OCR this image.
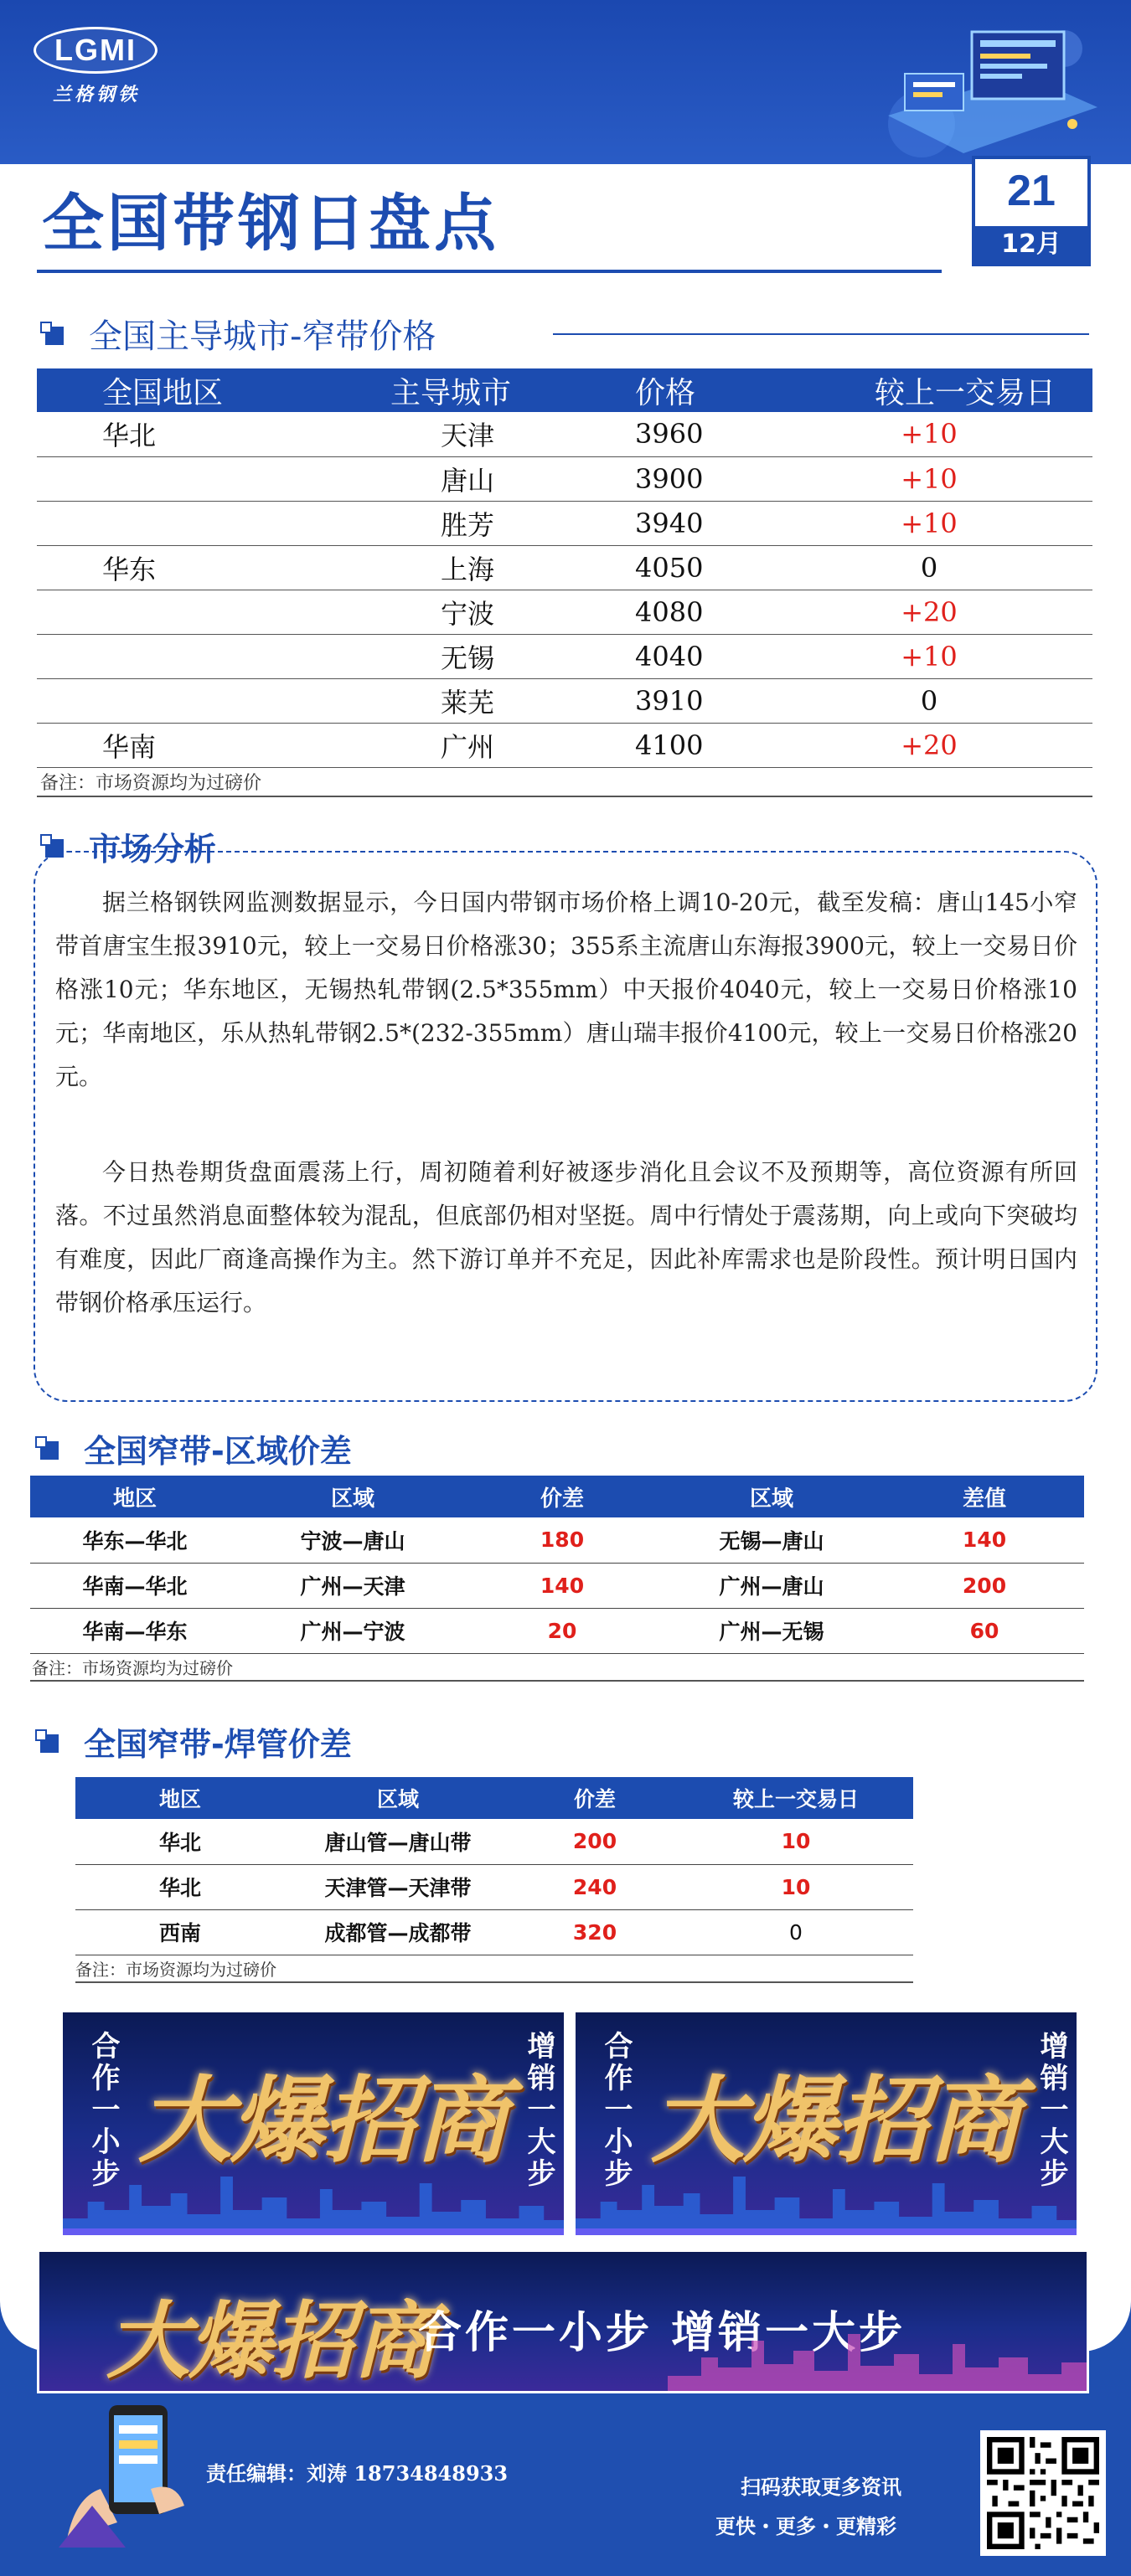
LGMI
兰格钢铁
全国带钢日盘点	21
12月
全国主导城市-窄带价格
全国地区	主导城市	价格	较上一交易日
华北	天津	3960	+10
	唐山	3900	+10
	胜芳	3940	+10
华东	上海	4050	0
	宁波	4080	+20
	无锡	4040	+10
	莱芜	3910	0
华南	广州	4100	+20
备注：市场资源均为过磅价
市场分析
据兰格钢铁网监测数据显示，今日国内带钢市场价格上调10-20元，截至发稿：唐山145小窄带首唐宝生报3910元，较上一交易日价格涨30；355系主流唐山东海报3900元，较上一交易日价格涨10元；华东地区，无锡热轧带钢(2.5*355mm）中天报价4040元，较上一交易日价格涨10元；华南地区，乐从热轧带钢2.5*(232-355mm）唐山瑞丰报价4100元，较上一交易日价格涨20元。
今日热卷期货盘面震荡上行，周初随着利好被逐步消化且会议不及预期等，高位资源有所回落。不过虽然消息面整体较为混乱，但底部仍相对坚挺。周中行情处于震荡期，向上或向下突破均有难度，因此厂商逢高操作为主。然下游订单并不充足，因此补库需求也是阶段性。预计明日国内带钢价格承压运行。
全国窄带-区域价差
地区	区域	价差	区域	差值
华东—华北	宁波—唐山	180	无锡—唐山	140
华南—华北	广州—天津	140	广州—唐山	200
华南—华东	广州—宁波	20	广州—无锡	60
备注：市场资源均为过磅价
全国窄带-焊管价差
地区	区域	价差	较上一交易日
华北	唐山管—唐山带	200	10
华北	天津管—天津带	240	10
西南	成都管—成都带	320	0
备注：市场资源均为过磅价
合作一小步	增销一大步
大爆招商	合作一小步	增销一大步
大爆招商
大爆招商
合作一小步 增销一大步
责任编辑：刘涛 18734848933
扫码获取更多资讯
更快・更多・更精彩
